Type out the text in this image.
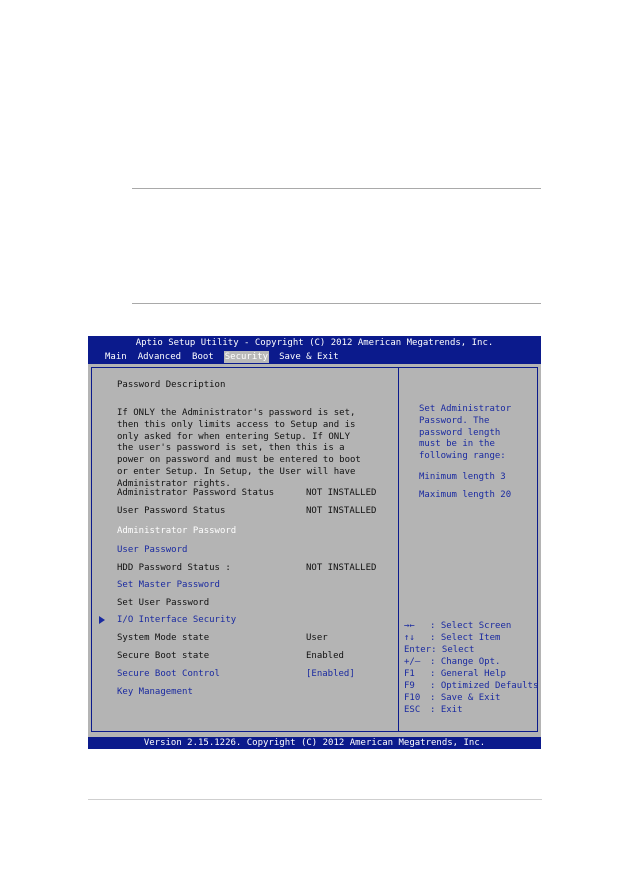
Aptio Setup Utility - Copyright (C) 2012 American Megatrends, Inc.
Main Advanced Boot Security Save & Exit
Password Description
If ONLY the Administrator's password is set,
then this only limits access to Setup and is
only asked for when entering Setup. If ONLY
the user's password is set, then this is a
power on password and must be entered to boot
or enter Setup. In Setup, the User will have
Administrator rights.
Administrator Password Status	NOT INSTALLED
User Password Status	NOT INSTALLED
Administrator Password
User Password
HDD Password Status :	NOT INSTALLED
Set Master Password
Set User Password
I/O Interface Security
System Mode state	User
Secure Boot state	Enabled
Secure Boot Control	[Enabled]
Key Management
Set Administrator
Password. The
password length
must be in the
following range:
Minimum length 3
Maximum length 20
→←	: Select Screen
↑↓	: Select Item
Enter : Select
+/—	: Change Opt.
F1	: General Help
F9	: Optimized Defaults
F10	: Save & Exit
ESC	: Exit
Version 2.15.1226. Copyright (C) 2012 American Megatrends, Inc.
